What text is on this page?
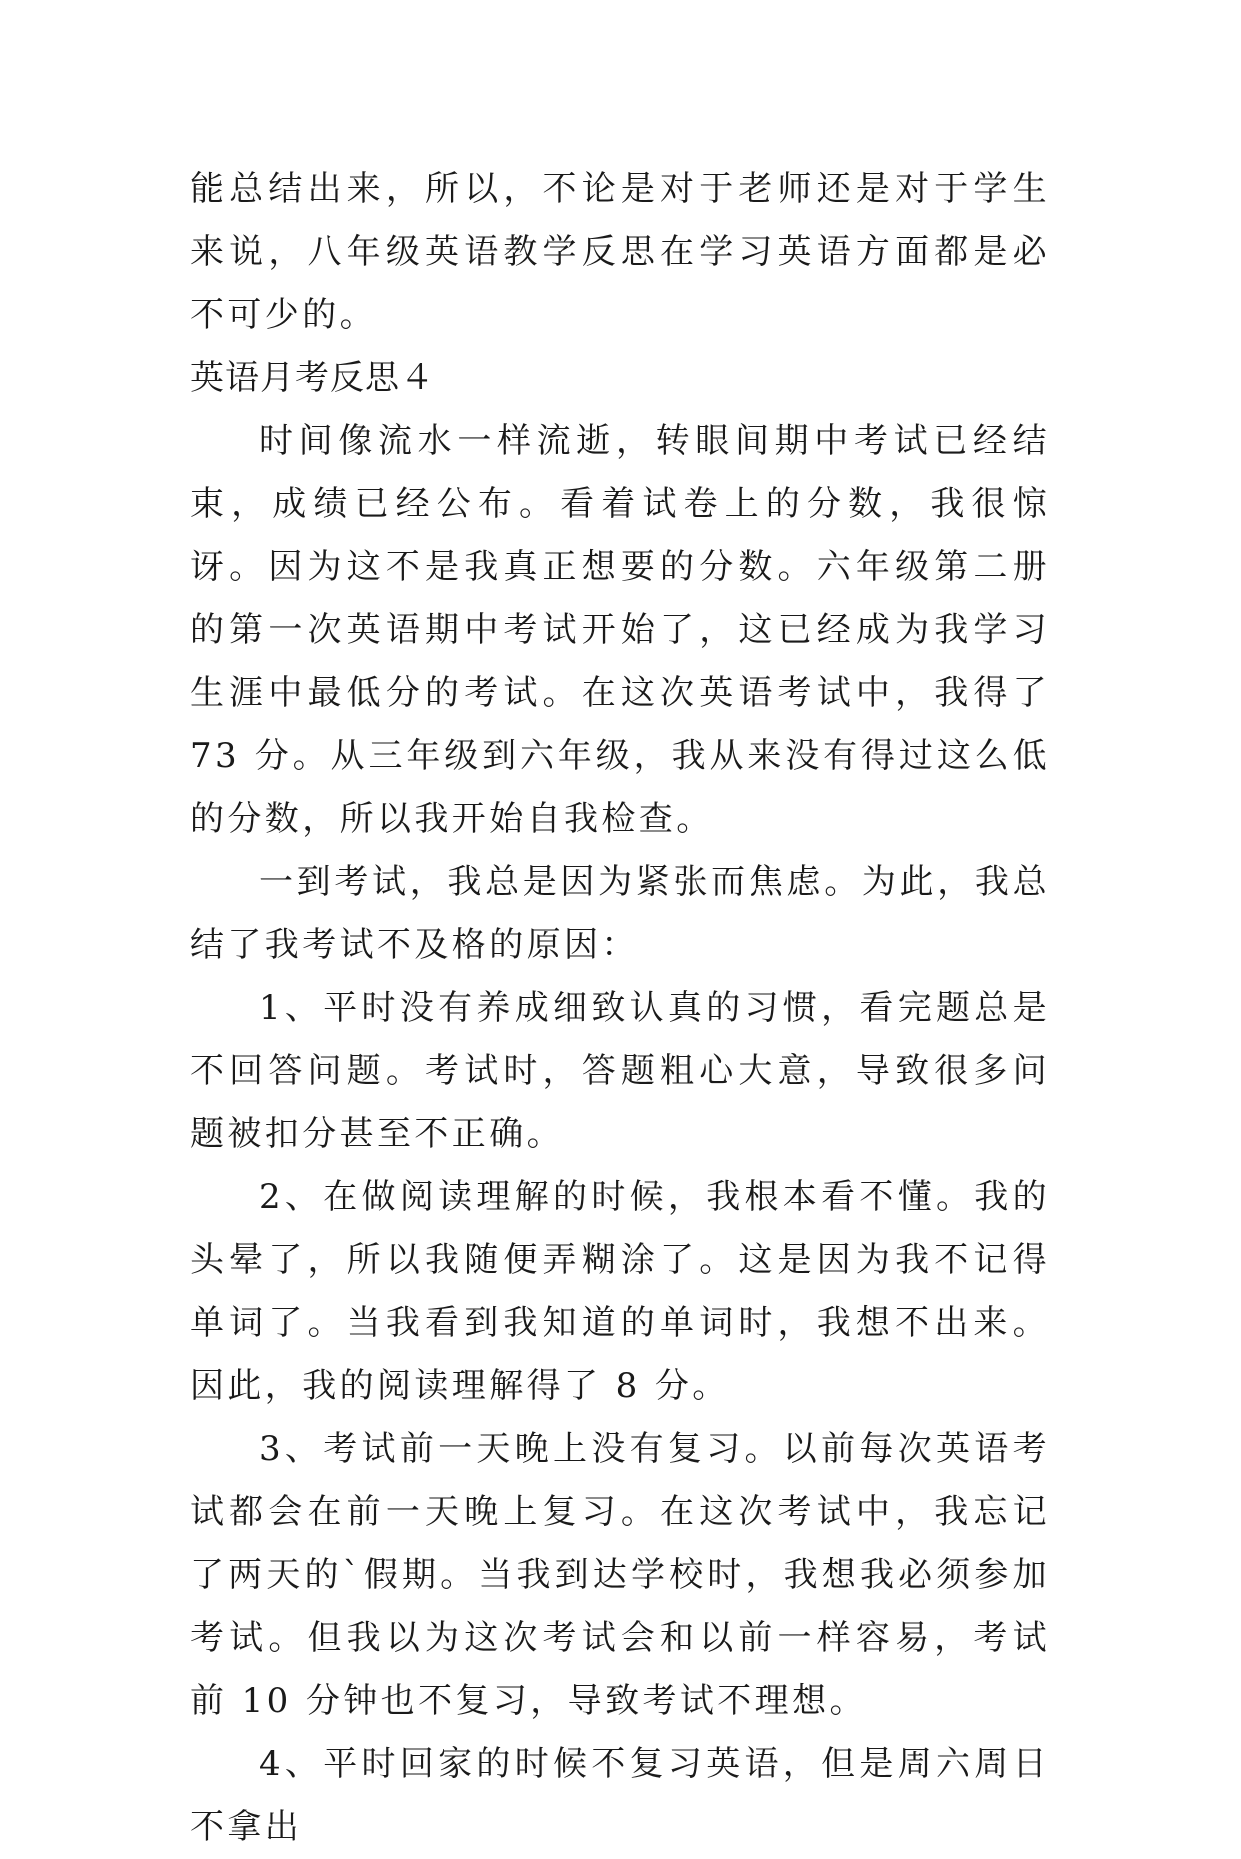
能总结出来，所以，不论是对于老师还是对于学生来说，八年级英语教学反思在学习英语方面都是必不可少的。

英语月考反思４

时间像流水一样流逝，转眼间期中考试已经结束，成绩已经公布。看着试卷上的分数，我很惊讶。因为这不是我真正想要的分数。六年级第二册的第一次英语期中考试开始了，这已经成为我学习生涯中最低分的考试。在这次英语考试中，我得了 73 分。从三年级到六年级，我从来没有得过这么低的分数，所以我开始自我检查。

一到考试，我总是因为紧张而焦虑。为此，我总结了我考试不及格的原因：

1、平时没有养成细致认真的习惯，看完题总是不回答问题。考试时，答题粗心大意，导致很多问题被扣分甚至不正确。

2、在做阅读理解的时候，我根本看不懂。我的头晕了，所以我随便弄糊涂了。这是因为我不记得单词了。当我看到我知道的单词时，我想不出来。因此，我的阅读理解得了 8 分。

3、考试前一天晚上没有复习。以前每次英语考试都会在前一天晚上复习。在这次考试中，我忘记了两天的`假期。当我到达学校时，我想我必须参加考试。但我以为这次考试会和以前一样容易，考试前 10 分钟也不复习，导致考试不理想。

4、平时回家的时候不复习英语，但是周六周日不拿出
